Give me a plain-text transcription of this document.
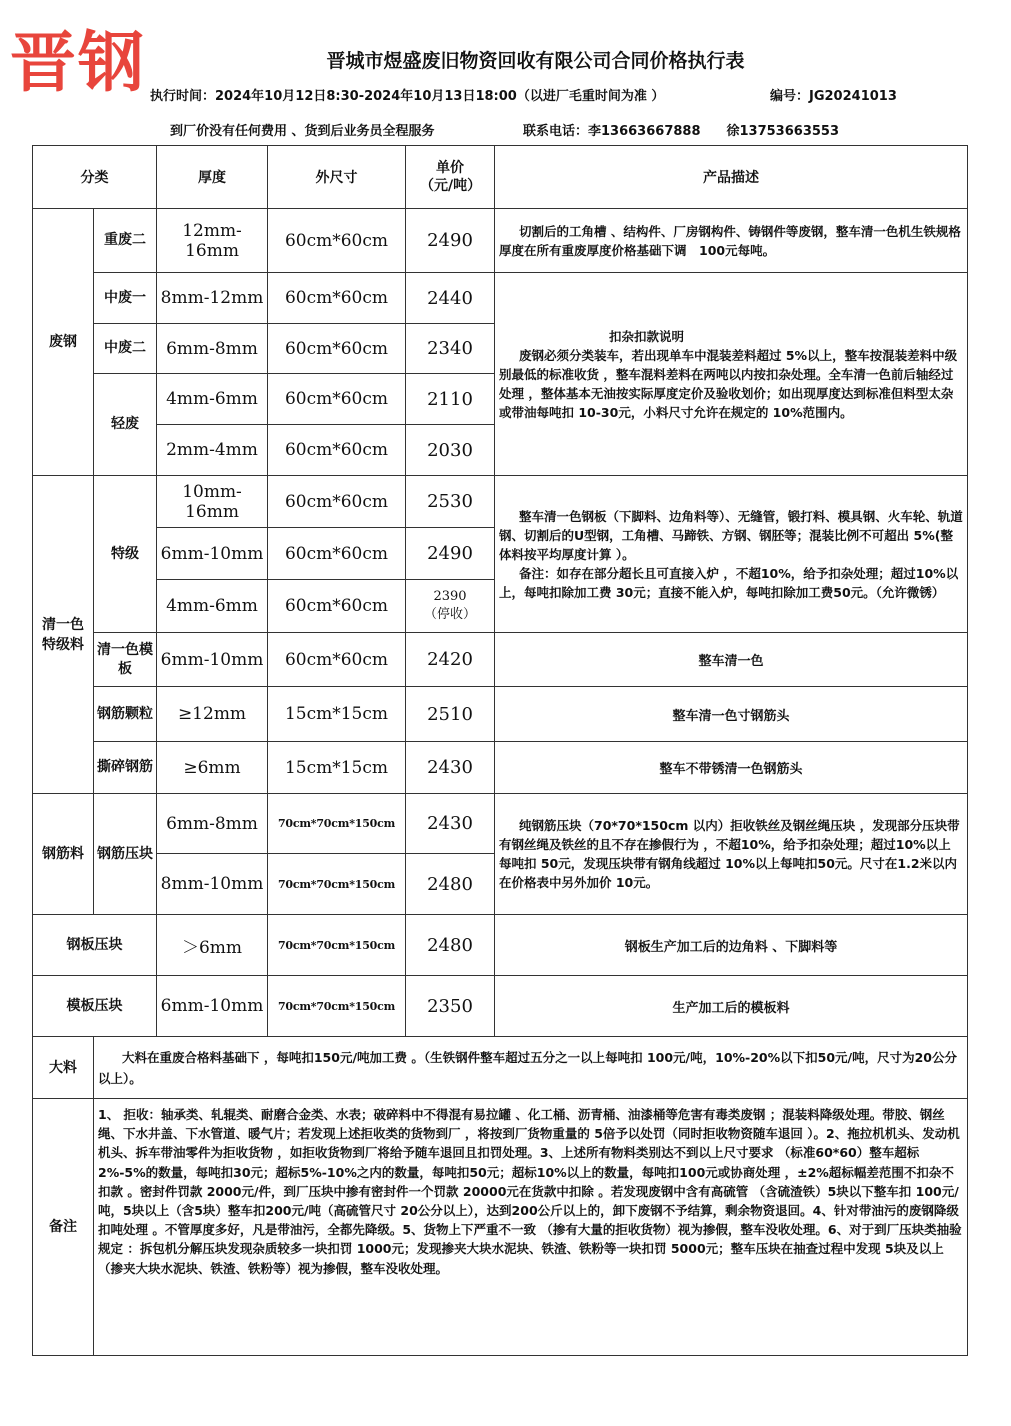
晋钢	晋城市煜盛废旧物资回收有限公司合同价格执行表
执行时间：2024年10月12日8:30-2024年10月13日18:00（以进厂毛重时间为准 ）	编号：JG20241013
到厂价没有任何费用 、货到后业务员全程服务	联系电话：李13663667888　　徐13753663553
分类		厚度	外尺寸	单价（元/吨）	产品描述
废钢	重废二	12mm-16mm	60cm*60cm	2490	切割后的工角槽 、结构件、厂房钢构件、铸钢件等废钢，整车清一色机生铁规格厚度在所有重废厚度价格基础下调　100元每吨。
	中废一	8mm-12mm	60cm*60cm	2440	扣杂扣款说明
废钢必须分类装车，若出现单车中混装差料超过 5%以上，整车按混装差料中级别最低的标准收货 ，整车混料差料在两吨以内按扣杂处理。全车清一色前后轴经过处理 ，整体基本无油按实际厚度定价及验收划价；如出现厚度达到标准但料型太杂或带油每吨扣 10-30元，小料尺寸允许在规定的 10%范围内。
	中废二	6mm-8mm	60cm*60cm	2340	
	轻废	4mm-6mm	60cm*60cm	2110	
		2mm-4mm	60cm*60cm	2030	
清一色特级料	特级	10mm-16mm	60cm*60cm	2530	整车清一色钢板（下脚料、边角料等）、无缝管，锻打料、模具钢、火车轮、轨道钢、切割后的U型钢，工角槽、马蹄铁、方钢、钢胚等；混装比例不可超出 5%(整体料按平均厚度计算 ）。
备注：如存在部分超长且可直接入炉 ，不超10%，给予扣杂处理；超过10%以上，每吨扣除加工费 30元；直接不能入炉，每吨扣除加工费50元。（允许微锈）
		6mm-10mm	60cm*60cm	2490	
		4mm-6mm	60cm*60cm	2390
（停收）	
	清一色模板	6mm-10mm	60cm*60cm	2420	整车清一色
	钢筋颗粒	≥12mm	15cm*15cm	2510	整车清一色寸钢筋头
	撕碎钢筋	≥6mm	15cm*15cm	2430	整车不带锈清一色钢筋头
钢筋料	钢筋压块	6mm-8mm	70cm*70cm*150cm	2430	纯钢筋压块（70*70*150cm 以内）拒收铁丝及钢丝绳压块 ，发现部分压块带有钢丝绳及铁丝的且不存在掺假行为 ，不超10%，给予扣杂处理；超过10%以上每吨扣 50元，发现压块带有钢角线超过 10%以上每吨扣50元。尺寸在1.2米以内在价格表中另外加价 10元。
		8mm-10mm	70cm*70cm*150cm	2480	
钢板压块		＞6mm	70cm*70cm*150cm	2480	钢板生产加工后的边角料 、下脚料等
模板压块		6mm-10mm	70cm*70cm*150cm	2350	生产加工后的模板料
大料	大料在重废合格料基础下 ，每吨扣150元/吨加工费 。（生铁钢件整车超过五分之一以上每吨扣 100元/吨，10%-20%以下扣50元/吨，尺寸为20公分以上）。				
备注	1、 拒收：轴承类、轧辊类、耐磨合金类、水表；破碎料中不得混有易拉罐 、化工桶、沥青桶、油漆桶等危害有毒类废钢 ；混装料降级处理。带胶、钢丝绳、下水井盖、下水管道、暖气片；若发现上述拒收类的货物到厂 ，将按到厂货物重量的 5倍予以处罚（同时拒收物资随车退回 ）。2、拖拉机机头、发动机机头、拆车带油零件为拒收货物 ，如拒收货物到厂将给予随车退回且扣罚处理。3、上述所有物料类别达不到以上尺寸要求 （标准60*60）整车超标 2%-5%的数量，每吨扣30元；超标5%-10%之内的数量，每吨扣50元；超标10%以上的数量，每吨扣100元或协商处理 ，±2%超标幅差范围不扣杂不扣款 。密封件罚款 2000元/件，到厂压块中掺有密封件一个罚款 20000元在货款中扣除 。若发现废钢中含有高硫管 （含硫渣铁）5块以下整车扣 100元/吨，5块以上（含5块）整车扣200元/吨（高硫管尺寸 20公分以上），达到200公斤以上的，卸下废钢不予结算，剩余物资退回。4、针对带油污的废钢降级扣吨处理 。不管厚度多好，凡是带油污，全都先降级。5、货物上下严重不一致 （掺有大量的拒收货物）视为掺假，整车没收处理。6、对于到厂压块类抽验规定 ：拆包机分解压块发现杂质较多一块扣罚 1000元；发现掺夹大块水泥块、铁渣、铁粉等一块扣罚 5000元；整车压块在抽查过程中发现 5块及以上（掺夹大块水泥块、铁渣、铁粉等）视为掺假，整车没收处理。				
